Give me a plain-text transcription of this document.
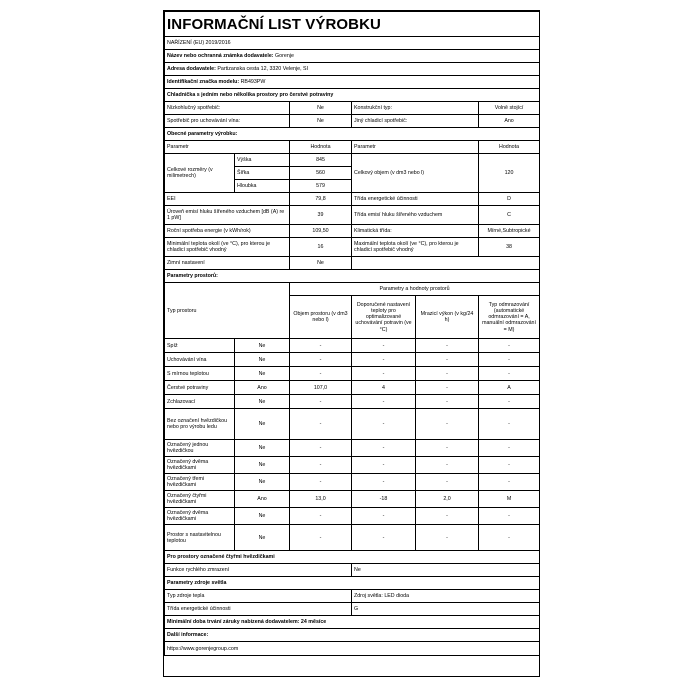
INFORMAČNÍ LIST VÝROBKU					
NAŘÍZENÍ (EU) 2019/2016					
Název nebo ochranná známka dodavatele: Gorenje					
Adresa dodavatele: Partizanska cesta 12, 3320 Velenje, SI					
Identifikační značka modelu: RB493PW					
Chladnička s jedním nebo několika prostory pro čerstvé potraviny					
Nízkohlučný spotřebič:		Ne	Konstrukční typ:		Volně stojící
Spotřebič pro uchovávání vína:		Ne	Jiný chladicí spotřebič:		Ano
Obecné parametry výrobku:					
Parametr		Hodnota	Parametr		Hodnota
Celkové rozměry (v milimetrech)	Výška	845	Celkový objem (v dm3 nebo l)		120
	Šířka	560			
	Hloubka	579			
EEI		79,8	Třída energetické účinnosti		D
Úroveň emisí hluku šířeného vzduchem [dB (A) re 1 pW]		39	Třída emisí hluku šířeného vzduchem		C
Roční spotřeba energie (v kWh/rok)		109,50	Klimatická třída:		Mírné,Subtropické
Minimální teplota okolí (ve °C), pro kterou je chladicí spotřebič vhodný		16	Maximální teplota okolí (ve °C), pro kterou je chladicí spotřebič vhodný		38
Zimní nastavení		Ne			
Parametry prostorů:					
Typ prostoru		Parametry a hodnoty prostorů			
		Objem prostoru (v dm3 nebo l)	Doporučené nastavení teploty pro optimalizované uchovávání potravin (ve °C)	Mrazicí výkon (v kg/24 h)	Typ odmrazování (automatické odmrazování = A, manuální odmrazování = M)
Spíž	Ne	-	-	-	-
Uchovávání vína	Ne	-	-	-	-
S mírnou teplotou	Ne	-	-	-	-
Čerstvé potraviny	Ano	107,0	4	-	A
Zchlazovací	Ne	-	-	-	-
Bez označení hvězdičkou nebo pro výrobu ledu	Ne	-	-	-	-
Označený jednou hvězdičkou	Ne	-	-	-	-
Označený dvěma hvězdičkami	Ne	-	-	-	-
Označený třemi hvězdičkami	Ne	-	-	-	-
Označený čtyřmi hvězdičkami	Ano	13,0	-18	2,0	M
Označený dvěma hvězdičkami	Ne	-	-	-	-
Prostor s nastavitelnou teplotou	Ne	-	-	-	-
Pro prostory označené čtyřmi hvězdičkami					
Funkce rychlého zmrazení			Ne		
Parametry zdroje světla					
Typ zdroje tepla			Zdroj světla: LED dioda		
Třída energetické účinnosti			G		
Minimální doba trvání záruky nabízená dodavatelem: 24 měsíce					
Další informace:					
https://www.gorenjegroup.com					
